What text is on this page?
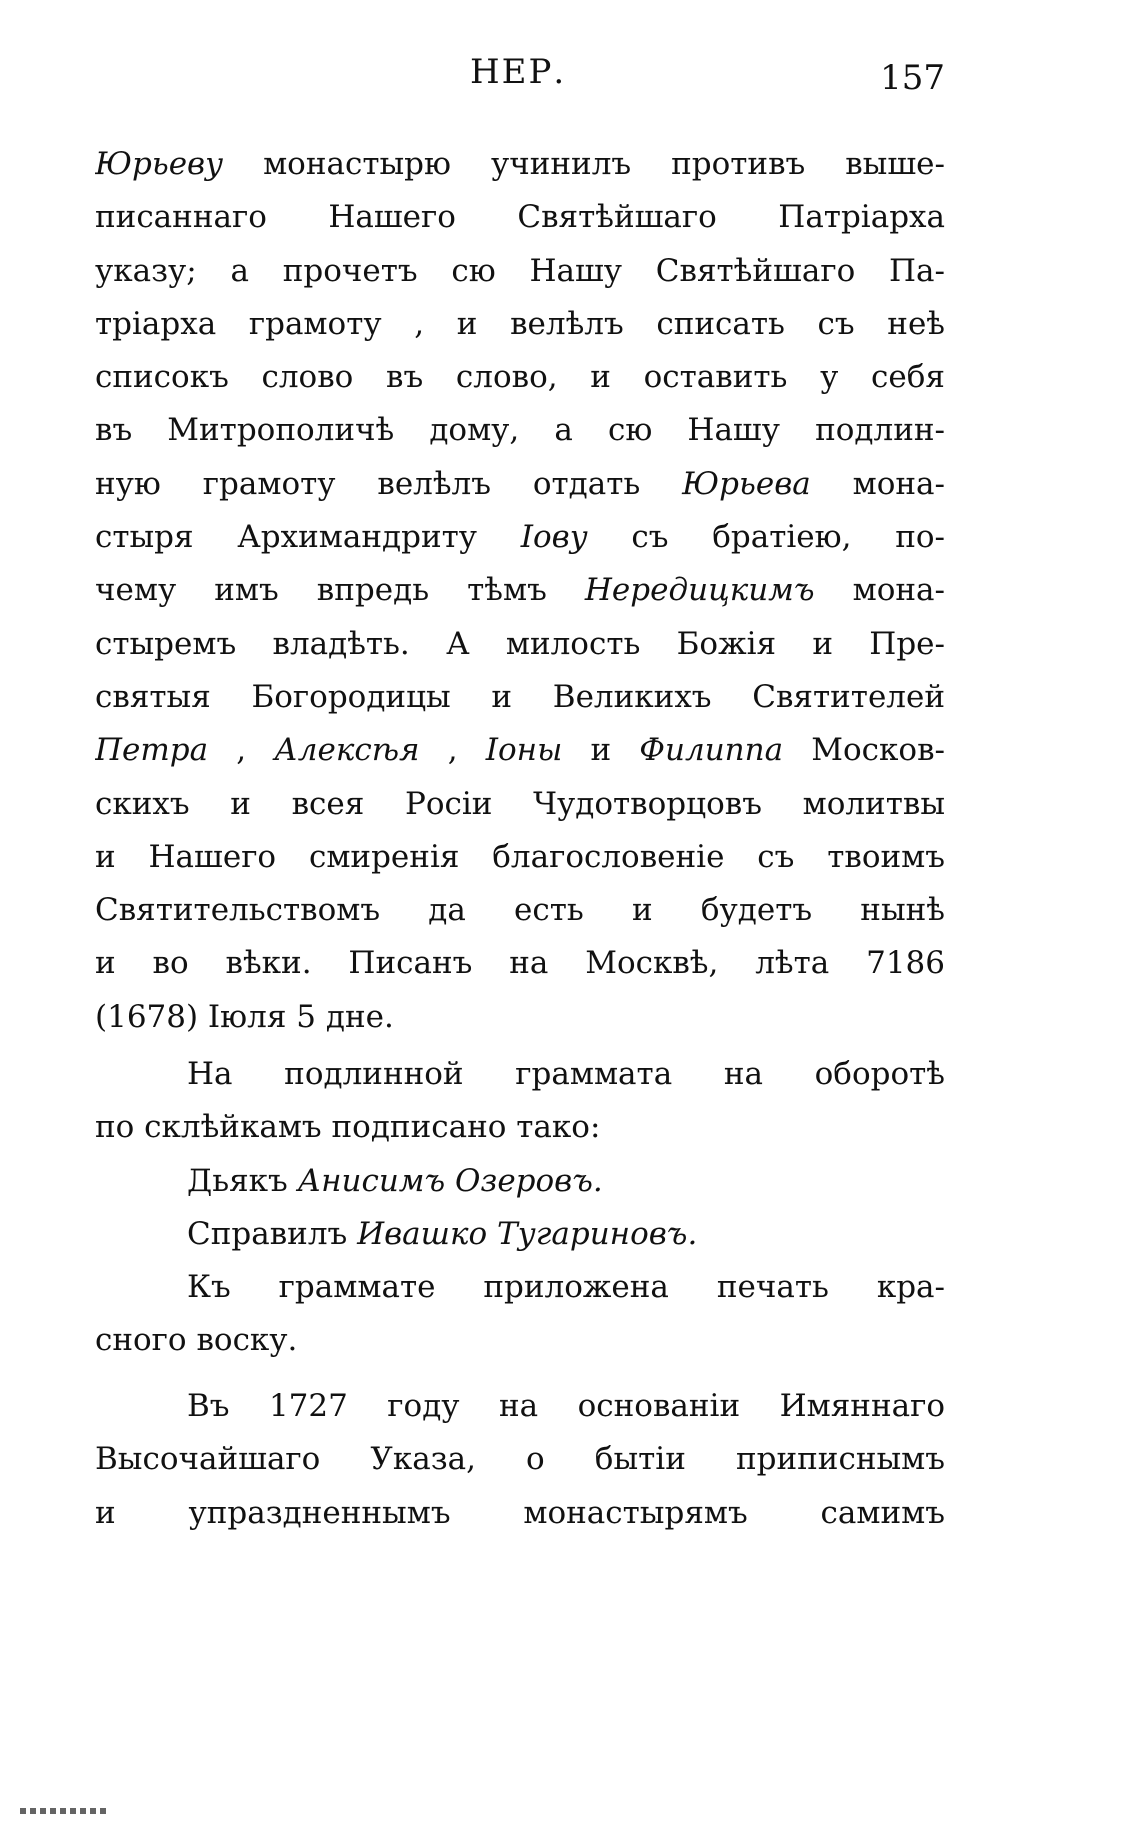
НЕР.	157
Юрьеву монастырю учинилъ противъ выше-
писаннаго Нашего Святѣйшаго Патрiарха
указу; а прочетъ сю Нашу Святѣйшаго Па-
трiарха грамоту , и велѣлъ списать съ неѣ
списокъ слово въ слово, и оставить у себя
въ Митрополичѣ дому, а сю Нашу подлин-
ную грамоту велѣлъ отдать Юрьева мона-
стыря Архимандриту Iову съ братiею, по-
чему имъ впредь тѣмъ Нередицкимъ мона-
стыремъ владѣть. А милость Божiя и Пре-
святыя Богородицы и Великихъ Святителей
Петра , Алексѣя , Iоны и Филиппа Москов-
скихъ и всея Росiи Чудотворцовъ молитвы
и Нашего смиренiя благословенiе съ твоимъ
Святительствомъ да есть и будетъ нынѣ
и во вѣки. Писанъ на Москвѣ, лѣта 7186
(1678) Iюля 5 дне.
На подлинной граммата на оборотѣ
по склѣйкамъ подписано тако:
Дьякъ Анисимъ Озеровъ.
Справилъ Ивашко Тугариновъ.
Къ граммате приложена печать кра-
сного воску.
Въ 1727 году на основанiи Имяннаго
Высочайшаго Указа, о бытiи приписнымъ
и упраздненнымъ монастырямъ самимъ
